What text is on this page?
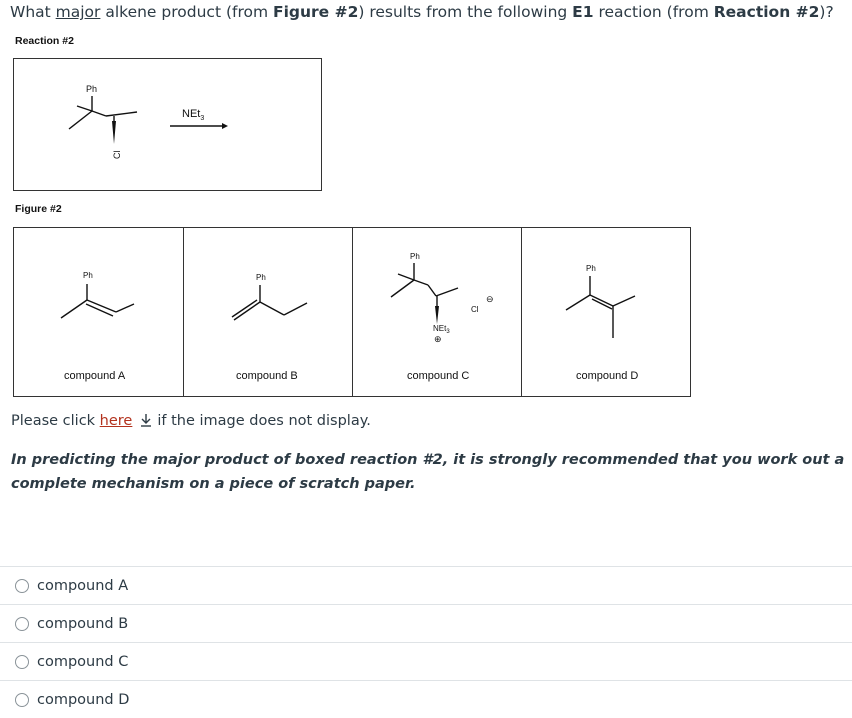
What major alkene product (from Figure #2) results from the following E1 reaction (from Reaction #2)?
Reaction #2
Ph
Cl
NEt$_3$
Figure #2
Ph
compound A
Ph
compound B
Ph
NEt$_3$
⊕
Cl
⊖
compound C
Ph
compound D
Please click here if the image does not display.
In predicting the major product of boxed reaction #2, it is strongly recommended that you work out a complete mechanism on a piece of scratch paper.
compound A
compound B
compound C
compound D
